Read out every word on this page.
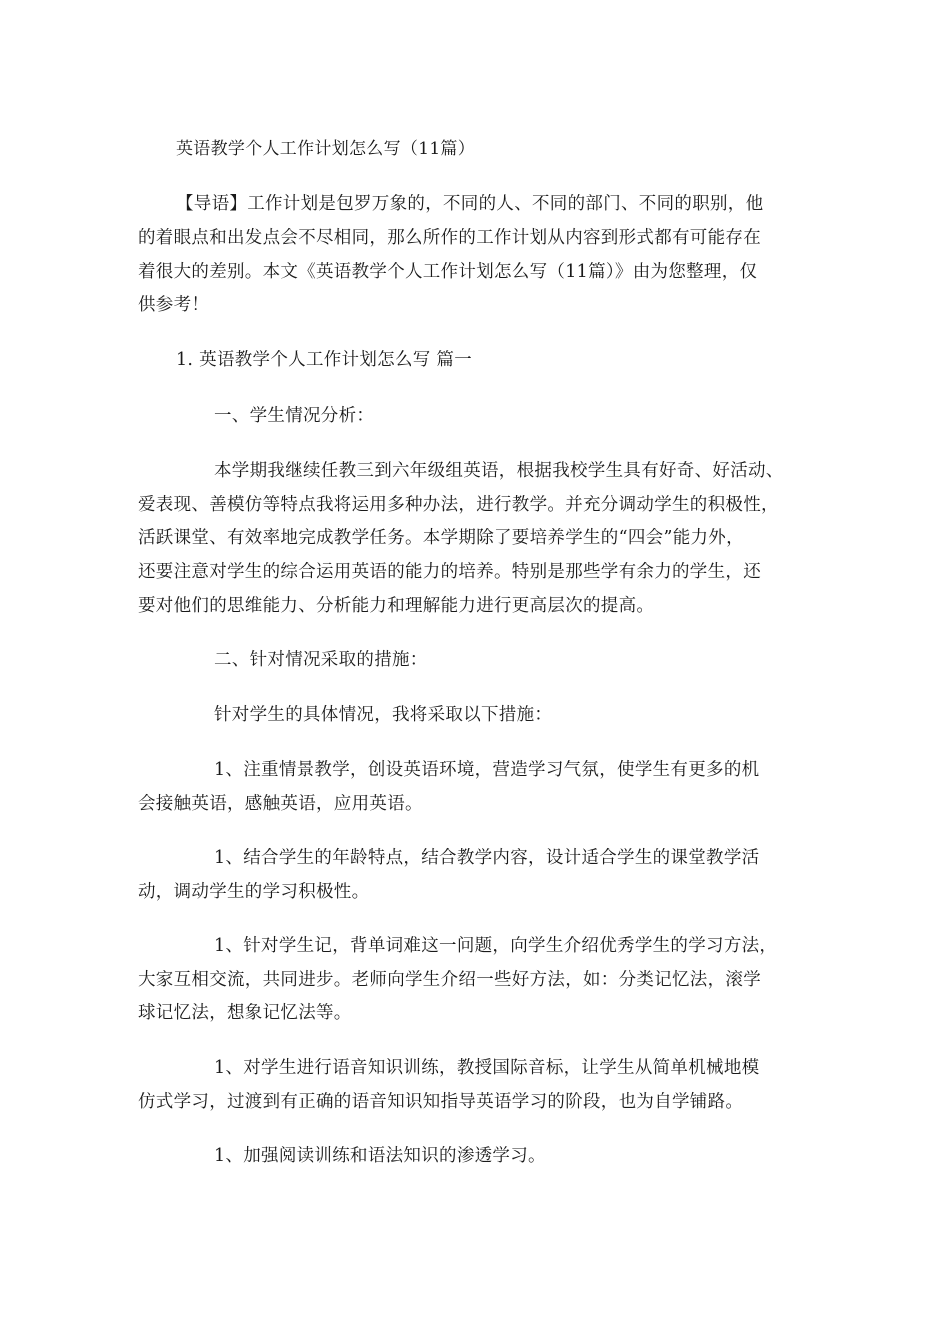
英语教学个人工作计划怎么写（11篇）
【导语】工作计划是包罗万象的，不同的人、不同的部门、不同的职别，他
的着眼点和出发点会不尽相同，那么所作的工作计划从内容到形式都有可能存在
着很大的差别。本文《英语教学个人工作计划怎么写（11篇）》由为您整理，仅
供参考！
1. 英语教学个人工作计划怎么写 篇一
一、学生情况分析：
本学期我继续任教三到六年级组英语，根据我校学生具有好奇、好活动、
爱表现、善模仿等特点我将运用多种办法，进行教学。并充分调动学生的积极性，
活跃课堂、有效率地完成教学任务。本学期除了要培养学生的“四会”能力外，
还要注意对学生的综合运用英语的能力的培养。特别是那些学有余力的学生，还
要对他们的思维能力、分析能力和理解能力进行更高层次的提高。
二、针对情况采取的措施：
针对学生的具体情况，我将采取以下措施：
1、注重情景教学，创设英语环境，营造学习气氛，使学生有更多的机
会接触英语，感触英语，应用英语。
1、结合学生的年龄特点，结合教学内容，设计适合学生的课堂教学活
动，调动学生的学习积极性。
1、针对学生记，背单词难这一问题，向学生介绍优秀学生的学习方法，
大家互相交流，共同进步。老师向学生介绍一些好方法，如：分类记忆法，滚学
球记忆法，想象记忆法等。
1、对学生进行语音知识训练，教授国际音标，让学生从简单机械地模
仿式学习，过渡到有正确的语音知识知指导英语学习的阶段，也为自学铺路。
1、加强阅读训练和语法知识的渗透学习。
